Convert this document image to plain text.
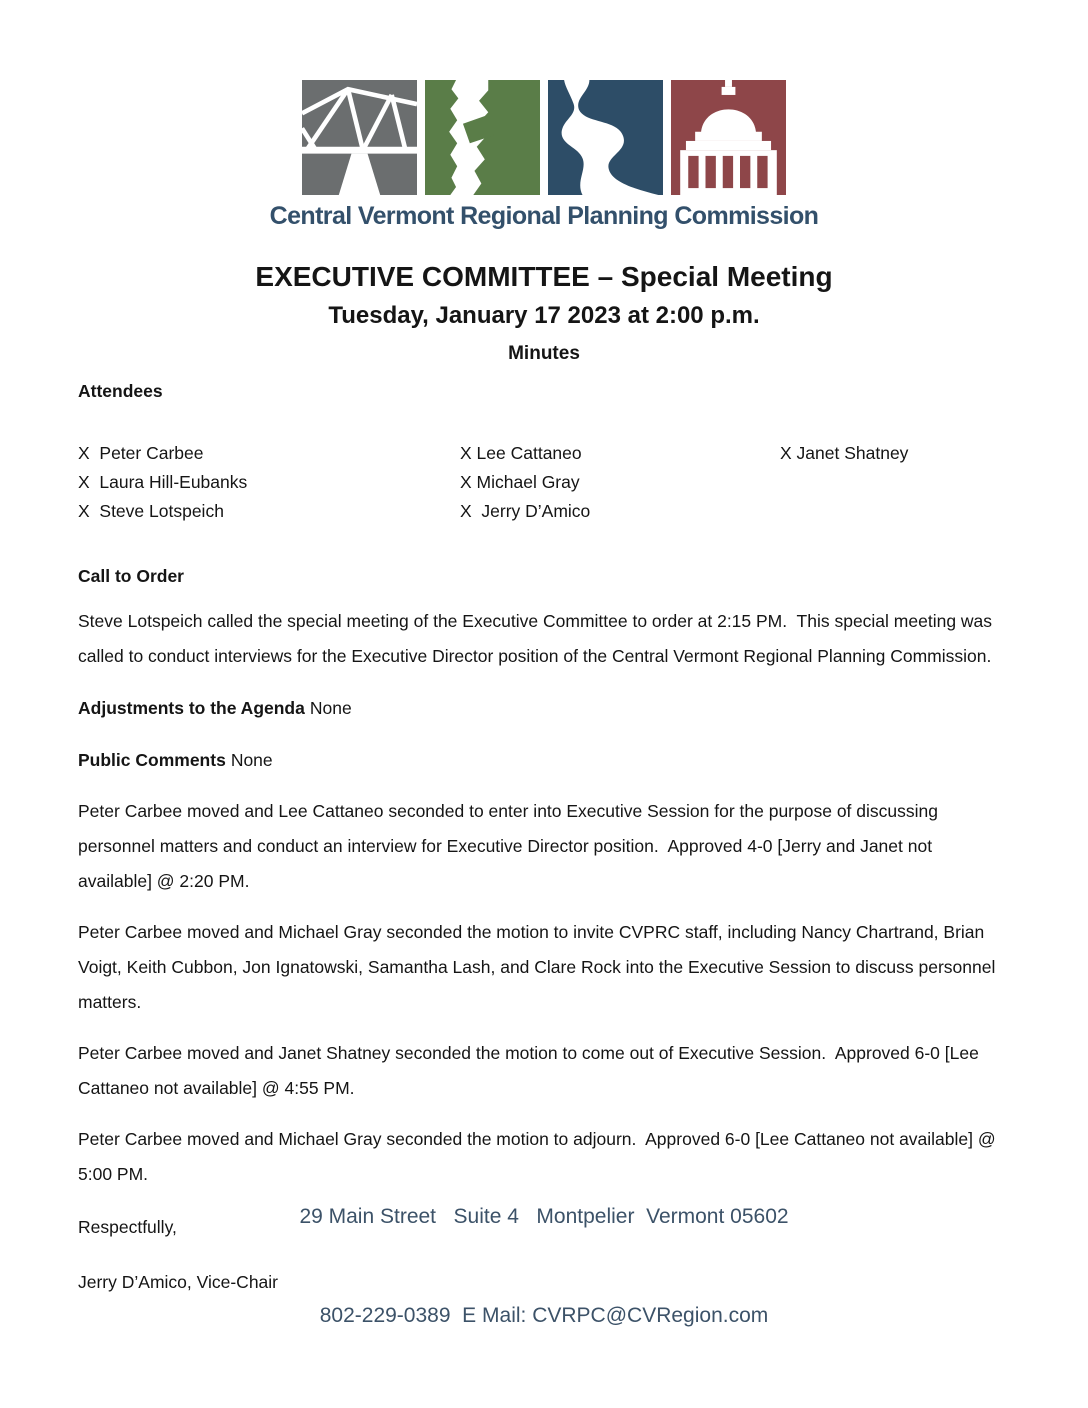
Central Vermont Regional Planning Commission
EXECUTIVE COMMITTEE – Special Meeting
Tuesday, January 17 2023 at 2:00 p.m.
Minutes
Attendees
X  Peter Carbee
X  Laura Hill-Eubanks
X  Steve Lotspeich
X Lee Cattaneo
X Michael Gray
X  Jerry D’Amico
X Janet Shatney
Call to Order

Steve Lotspeich called the special meeting of the Executive Committee to order at 2:15 PM.  This special meeting was called to conduct interviews for the Executive Director position of the Central Vermont Regional Planning Commission.

Adjustments to the Agenda None

Public Comments None

Peter Carbee moved and Lee Cattaneo seconded to enter into Executive Session for the purpose of discussing personnel matters and conduct an interview for Executive Director position.  Approved 4-0 [Jerry and Janet not available] @ 2:20 PM.

Peter Carbee moved and Michael Gray seconded the motion to invite CVPRC staff, including Nancy Chartrand, Brian Voigt, Keith Cubbon, Jon Ignatowski, Samantha Lash, and Clare Rock into the Executive Session to discuss personnel matters.

Peter Carbee moved and Janet Shatney seconded the motion to come out of Executive Session.  Approved 6-0 [Lee Cattaneo not available] @ 4:55 PM.

Peter Carbee moved and Michael Gray seconded the motion to adjourn.  Approved 6-0 [Lee Cattaneo not available] @ 5:00 PM.

Respectfully,

Jerry D’Amico, Vice-Chair

29 Main Street   Suite 4   Montpelier  Vermont 05602

802-229-0389  E Mail: CVRPC@CVRegion.com
